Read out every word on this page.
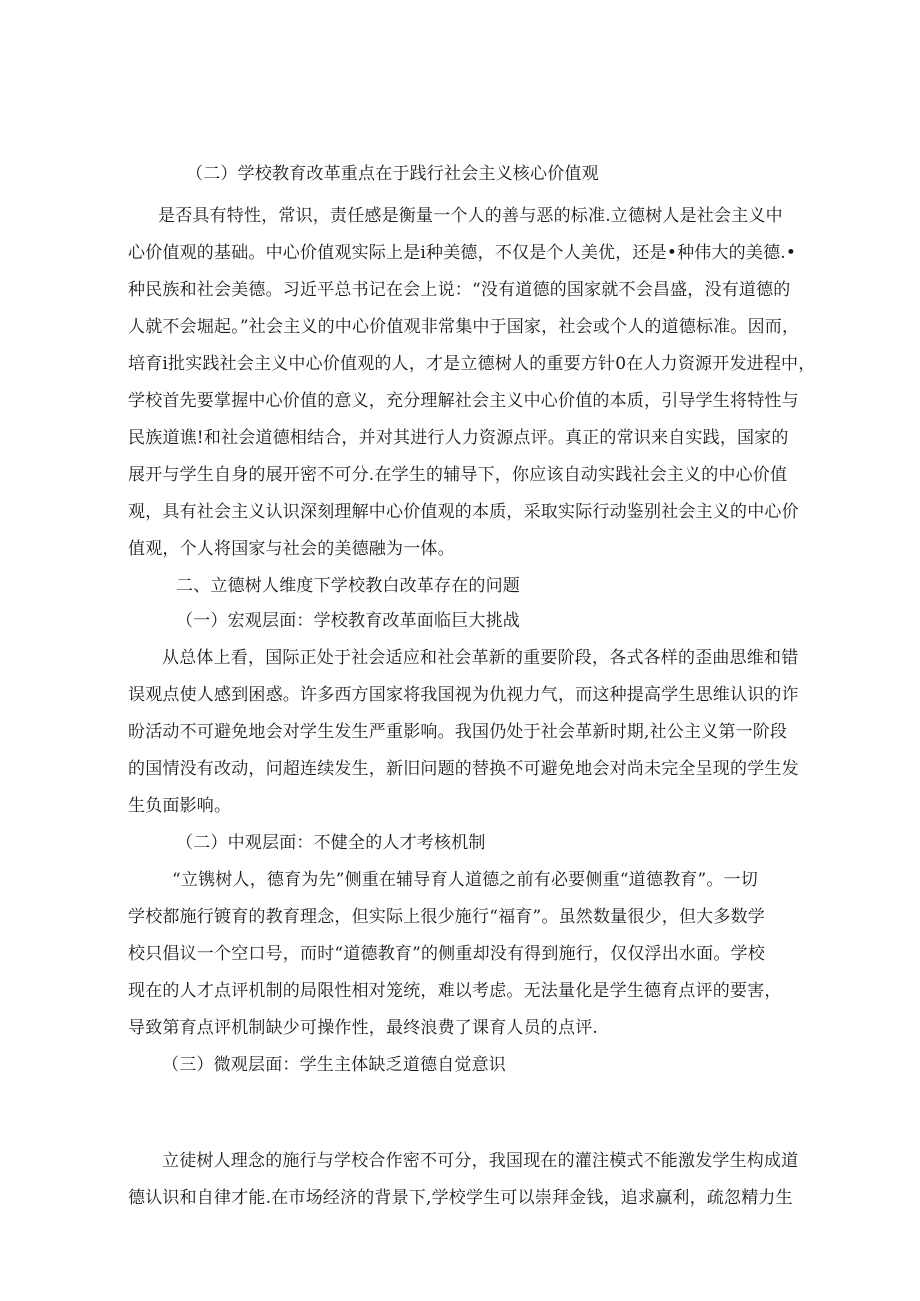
（二）学校教育改革重点在于践行社会主义核心价值观
是否具有特性，常识，责任感是衡量一个人的善与恶的标准.立德树人是社会主义中
心价值观的基础。中心价值观实际上是i种美德，不仅是个人美优，还是•种伟大的美德.•
种民族和社会美德。习近平总书记在会上说：“没有道德的国家就不会昌盛，没有道德的
人就不会堀起。”社会主义的中心价值观非常集中于国家，社会或个人的道德标准。因而，
培育i批实践社会主义中心价值观的人，才是立德树人的重要方针0在人力资源开发进程中，
学校首先要掌握中心价值的意义，充分理解社会主义中心价值的本质，引导学生将特性与
民族道谯!和社会道德相结合，并对其进行人力资源点评。真正的常识来自实践，国家的
展开与学生自身的展开密不可分.在学生的辅导下，你应该自动实践社会主义的中心价值
观，具有社会主义认识深刻理解中心价值观的本质，采取实际行动鉴别社会主义的中心价
值观，个人将国家与社会的美德融为一体。
二、立德树人维度下学校教白改革存在的问题
（一）宏观层面：学校教育改革面临巨大挑战
从总体上看，国际正处于社会适应和社会革新的重要阶段，各式各样的歪曲思维和错
误观点使人感到困惑。许多西方国家将我国视为仇视力气，而这种提高学生思维认识的诈
昐活动不可避免地会对学生发生严重影响。我国仍处于社会革新时期,社公主义第一阶段
的国情没有改动，问超连续发生，新旧问题的替换不可避免地会对尚未完全呈现的学生发
生负面影响。
（二）中观层面：不健全的人才考核机制
“立镌树人，德育为先”侧重在辅导育人道德之前有必要侧重“道德教育”。一切
学校都施行镀育的教育理念，但实际上很少施行“福育”。虽然数量很少，但大多数学
校只倡议一个空口号，而时“道德教育”的侧重却没有得到施行，仅仅浮出水面。学校
现在的人才点评机制的局限性相对笼统，难以考虑。无法量化是学生德育点评的要害，
导致第育点评机制缺少可操作性，最终浪费了课育人员的点评.
（三）微观层面：学生主体缺乏道德自觉意识
立徒树人理念的施行与学校合作密不可分，我国现在的灌注模式不能激发学生构成道
德认识和自律才能.在市场经济的背景下,学校学生可以崇拜金钱，追求赢利，疏忽精力生
